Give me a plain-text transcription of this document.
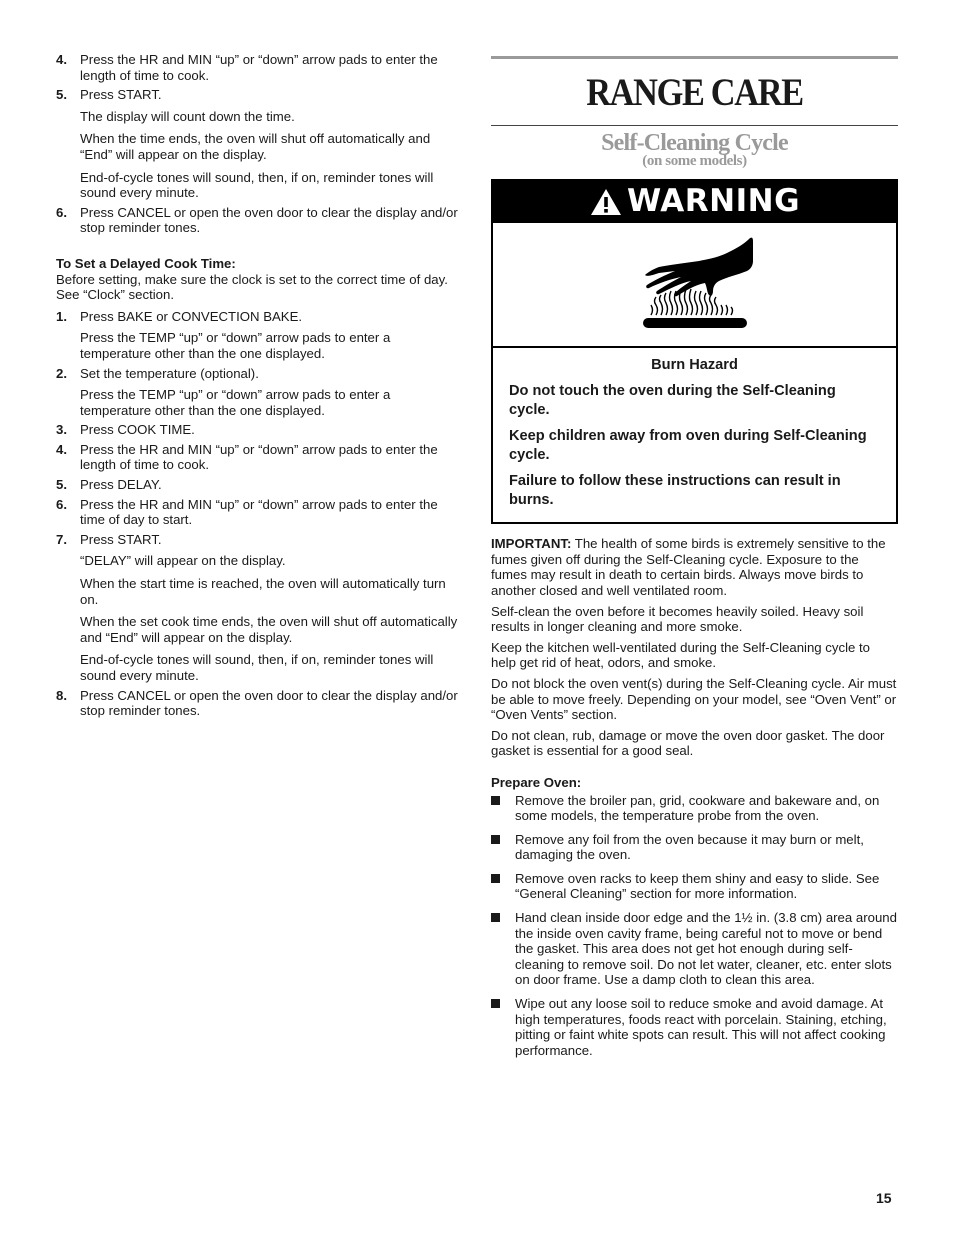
4. Press the HR and MIN “up” or “down” arrow pads to enter the length of time to cook.
5. Press START.
The display will count down the time.
When the time ends, the oven will shut off automatically and “End” will appear on the display.
End-of-cycle tones will sound, then, if on, reminder tones will sound every minute.
6. Press CANCEL or open the oven door to clear the display and/or stop reminder tones.
To Set a Delayed Cook Time:
Before setting, make sure the clock is set to the correct time of day. See “Clock” section.
1. Press BAKE or CONVECTION BAKE.
Press the TEMP “up” or “down” arrow pads to enter a temperature other than the one displayed.
2. Set the temperature (optional).
Press the TEMP “up” or “down” arrow pads to enter a temperature other than the one displayed.
3. Press COOK TIME.
4. Press the HR and MIN “up” or “down” arrow pads to enter the length of time to cook.
5. Press DELAY.
6. Press the HR and MIN “up” or “down” arrow pads to enter the time of day to start.
7. Press START.
“DELAY” will appear on the display.
When the start time is reached, the oven will automatically turn on.
When the set cook time ends, the oven will shut off automatically and “End” will appear on the display.
End-of-cycle tones will sound, then, if on, reminder tones will sound every minute.
8. Press CANCEL or open the oven door to clear the display and/or stop reminder tones.
RANGE CARE
Self-Cleaning Cycle
(on some models)
WARNING
Burn Hazard

Do not touch the oven during the Self-Cleaning cycle.

Keep children away from oven during Self-Cleaning cycle.

Failure to follow these instructions can result in burns.

IMPORTANT: The health of some birds is extremely sensitive to the fumes given off during the Self-Cleaning cycle. Exposure to the fumes may result in death to certain birds. Always move birds to another closed and well ventilated room.
Self-clean the oven before it becomes heavily soiled. Heavy soil results in longer cleaning and more smoke.
Keep the kitchen well-ventilated during the Self-Cleaning cycle to help get rid of heat, odors, and smoke.
Do not block the oven vent(s) during the Self-Cleaning cycle. Air must be able to move freely. Depending on your model, see “Oven Vent” or “Oven Vents” section.
Do not clean, rub, damage or move the oven door gasket. The door gasket is essential for a good seal.
Prepare Oven:
Remove the broiler pan, grid, cookware and bakeware and, on some models, the temperature probe from the oven.
Remove any foil from the oven because it may burn or melt, damaging the oven.
Remove oven racks to keep them shiny and easy to slide. See “General Cleaning” section for more information.
Hand clean inside door edge and the 1½ in. (3.8 cm) area around the inside oven cavity frame, being careful not to move or bend the gasket. This area does not get hot enough during self-cleaning to remove soil. Do not let water, cleaner, etc. enter slots on door frame. Use a damp cloth to clean this area.
Wipe out any loose soil to reduce smoke and avoid damage. At high temperatures, foods react with porcelain. Staining, etching, pitting or faint white spots can result. This will not affect cooking performance.
15
